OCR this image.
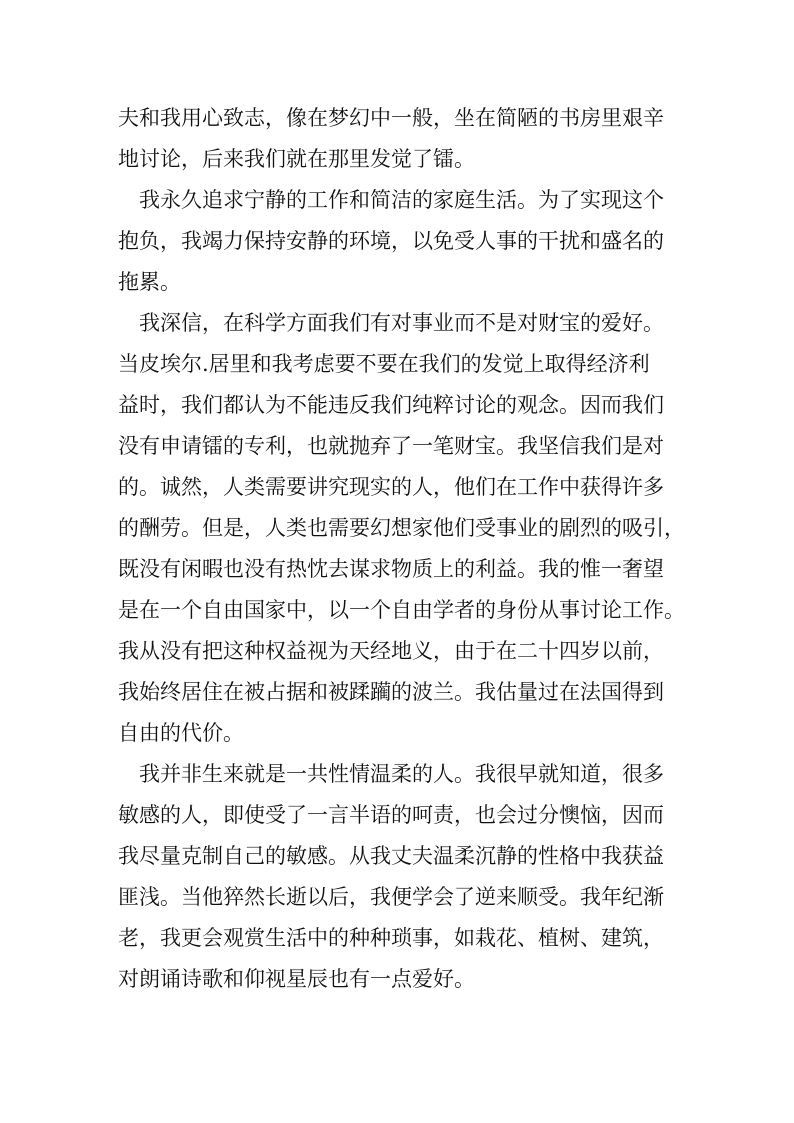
夫和我用心致志，像在梦幻中一般，坐在简陋的书房里艰辛
地讨论，后来我们就在那里发觉了镭。
我永久追求宁静的工作和简洁的家庭生活。为了实现这个
抱负，我竭力保持安静的环境，以免受人事的干扰和盛名的
拖累。
我深信，在科学方面我们有对事业而不是对财宝的爱好。
当皮埃尔.居里和我考虑要不要在我们的发觉上取得经济利
益时，我们都认为不能违反我们纯粹讨论的观念。因而我们
没有申请镭的专利，也就抛弃了一笔财宝。我坚信我们是对
的。诚然，人类需要讲究现实的人，他们在工作中获得许多
的酬劳。但是，人类也需要幻想家他们受事业的剧烈的吸引，
既没有闲暇也没有热忱去谋求物质上的利益。我的惟一奢望
是在一个自由国家中，以一个自由学者的身份从事讨论工作。
我从没有把这种权益视为天经地义，由于在二十四岁以前，
我始终居住在被占据和被蹂躏的波兰。我估量过在法国得到
自由的代价。
我并非生来就是一共性情温柔的人。我很早就知道，很多
敏感的人，即使受了一言半语的呵责，也会过分懊恼，因而
我尽量克制自己的敏感。从我丈夫温柔沉静的性格中我获益
匪浅。当他猝然长逝以后，我便学会了逆来顺受。我年纪渐
老，我更会观赏生活中的种种琐事，如栽花、植树、建筑，
对朗诵诗歌和仰视星辰也有一点爱好。
